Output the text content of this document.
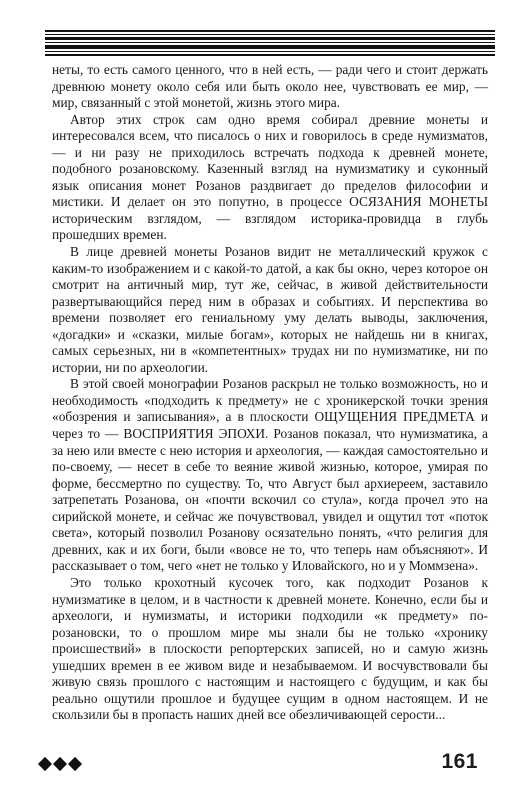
неты, то есть самого ценного, что в ней есть, — ради чего и стоит держать древнюю монету около себя или быть около нее, чувствовать ее мир, — мир, связанный с этой монетой, жизнь этого мира.

Автор этих строк сам одно время собирал древние монеты и интересовался всем, что писалось о них и говорилось в среде нумизматов, — и ни разу не приходилось встречать подхода к древней монете, подобного розановскому. Казенный взгляд на нумизматику и суконный язык описания монет Розанов раздвигает до пределов философии и мистики. И делает он это попутно, в процессе ОСЯЗАНИЯ МОНЕТЫ историческим взглядом, — взглядом историка-провидца в глубь прошедших времен.

В лице древней монеты Розанов видит не металлический кружок с каким-то изображением и с какой-то датой, а как бы окно, через которое он смотрит на античный мир, тут же, сейчас, в живой действительности развертывающийся перед ним в образах и событиях. И перспектива во времени позволяет его гениальному уму делать выводы, заключения, «догадки» и «сказки, милые богам», которых не найдешь ни в книгах, самых серьезных, ни в «компетентных» трудах ни по нумизматике, ни по истории, ни по археологии.

В этой своей монографии Розанов раскрыл не только возможность, но и необходимость «подходить к предмету» не с хроникерской точки зрения «обозрения и записывания», а в плоскости ОЩУЩЕНИЯ ПРЕДМЕТА и через то — ВОСПРИЯТИЯ ЭПОХИ. Розанов показал, что нумизматика, а за нею или вместе с нею история и археология, — каждая самостоятельно и по-своему, — несет в себе то веяние живой жизнью, которое, умирая по форме, бессмертно по существу. То, что Август был архиереем, заставило затрепетать Розанова, он «почти вскочил со стула», когда прочел это на сирийской монете, и сейчас же почувствовал, увидел и ощутил тот «поток света», который позволил Розанову осязательно понять, «что религия для древних, как и их боги, были «вовсе не то, что теперь нам объясняют». И рассказывает о том, чего «нет не только у Иловайского, но и у Моммзена».

Это только крохотный кусочек того, как подходит Розанов к нумизматике в целом, и в частности к древней монете. Конечно, если бы и археологи, и нумизматы, и историки подходили «к предмету» по-розановски, то о прошлом мире мы знали бы не только «хронику происшествий» в плоскости репортерских записей, но и самую жизнь ушедших времен в ее живом виде и незабываемом. И восчувствовали бы живую связь прошлого с настоящим и настоящего с будущим, и как бы реально ощутили прошлое и будущее сущим в одном настоящем. И не скользили бы в пропасть наших дней все обезличивающей серости...

161
